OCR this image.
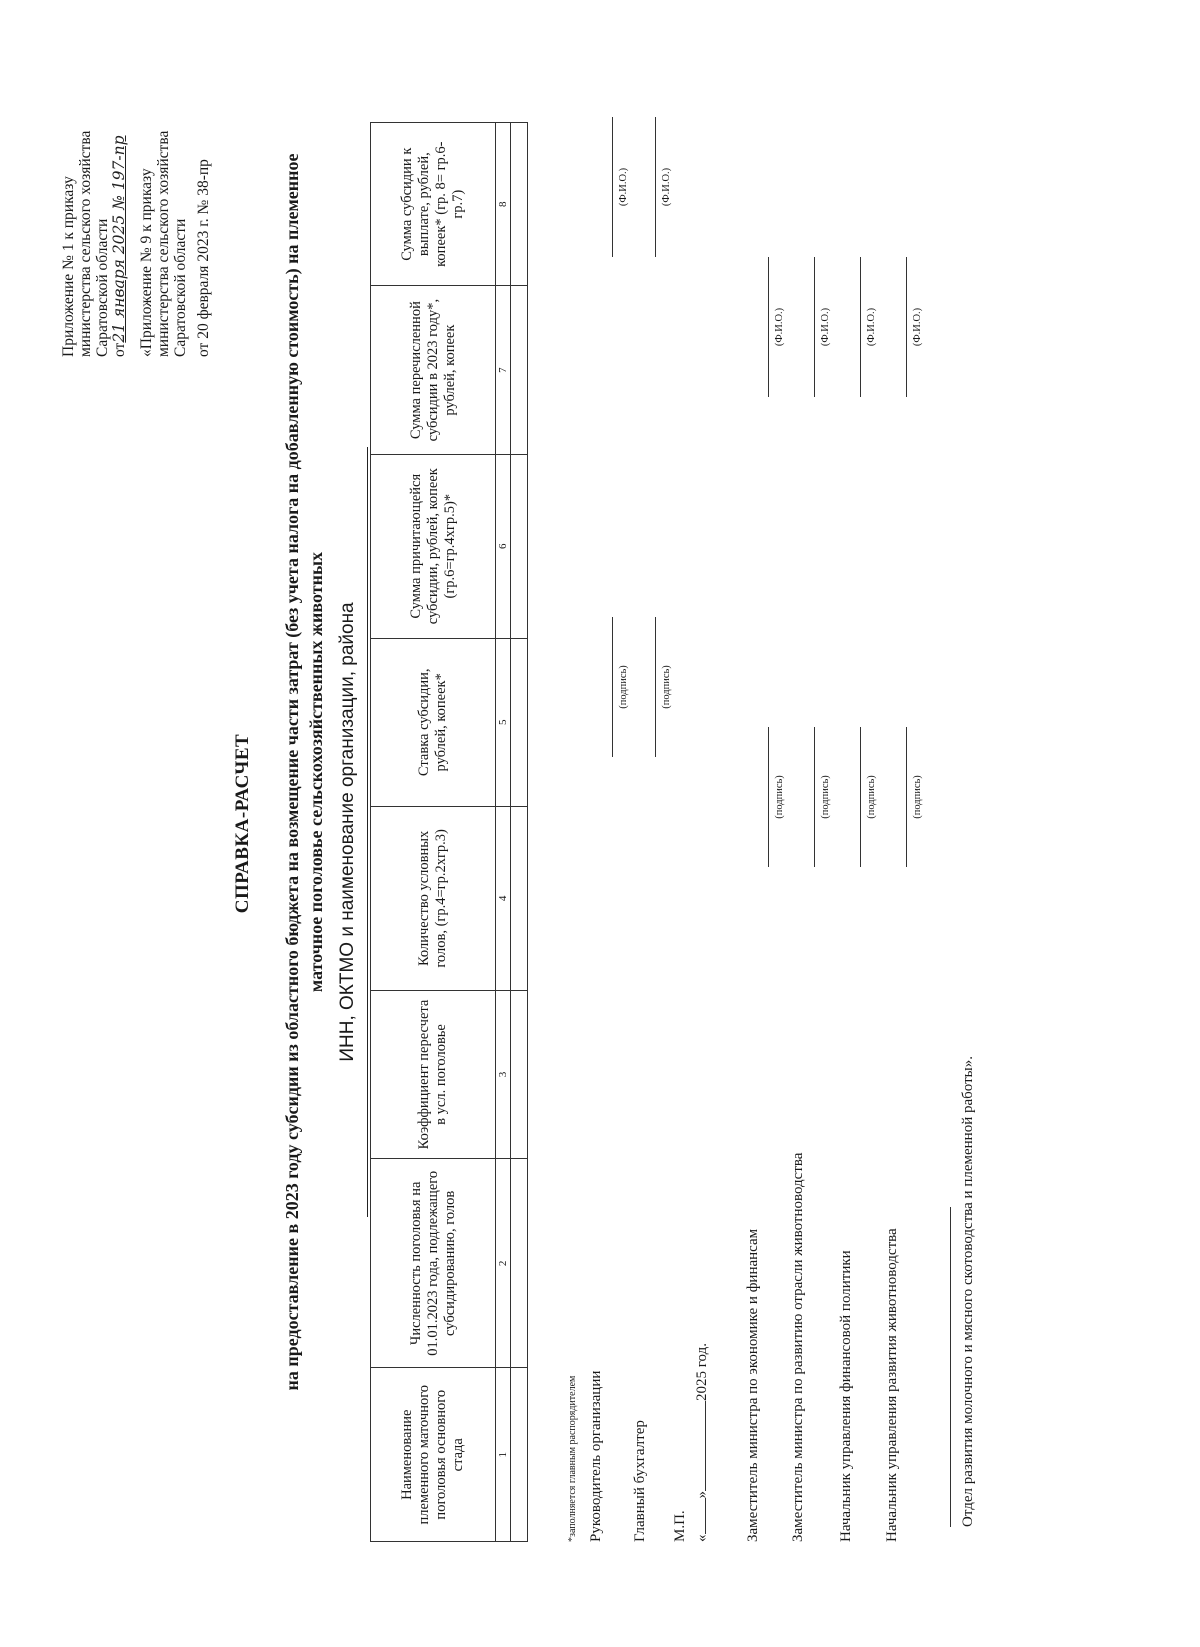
Приложение № 1 к приказу министерства сельского хозяйства Саратовской области от21 января 2025 № 197-пр «Приложение № 9 к приказу министерства сельского хозяйства Саратовской области от 20 февраля 2023 г. № 38-пр
СПРАВКА-РАСЧЕТ на предоставление в 2023 году субсидии из областного бюджета на возмещение части затрат (без учета налога на добавленную стоимость) на племенное маточное поголовье сельскохозяйственных животных ИНН, ОКТМО и наименование организации, района
Наименование племенного маточного поголовья основного стада	Численность поголовья на 01.01.2023 года, подлежащего субсидированию, голов	Коэффициент пересчета в усл. поголовье	Количество условных голов, (гр.4=гр.2хгр.3)	Ставка субсидии, рублей, копеек*	Сумма причитающейся субсидии, рублей, копеек (гр.6=гр.4хгр.5)*	Сумма перечисленной субсидии в 2023 году*, рублей, копеек	Сумма субсидии к выплате, рублей, копеек* (гр. 8= гр.6-гр.7)
1	2	3	4	5	6	7	8

*заполняется главным распорядителем Руководитель организации
(подпись)
(Ф.И.О.)
Главный бухгалтер
(подпись)
(Ф.И.О.)
М.П. «»2025 год. Заместитель министра по экономике и финансам
(подпись)
(Ф.И.О.)
Заместитель министра по развитию отрасли животноводства
(подпись)
(Ф.И.О.)
Начальник управления финансовой политики
(подпись)
(Ф.И.О.)
Начальник управления развития животноводства
(подпись)
(Ф.И.О.)
Отдел развития молочного и мясного скотоводства и племенной работы».
